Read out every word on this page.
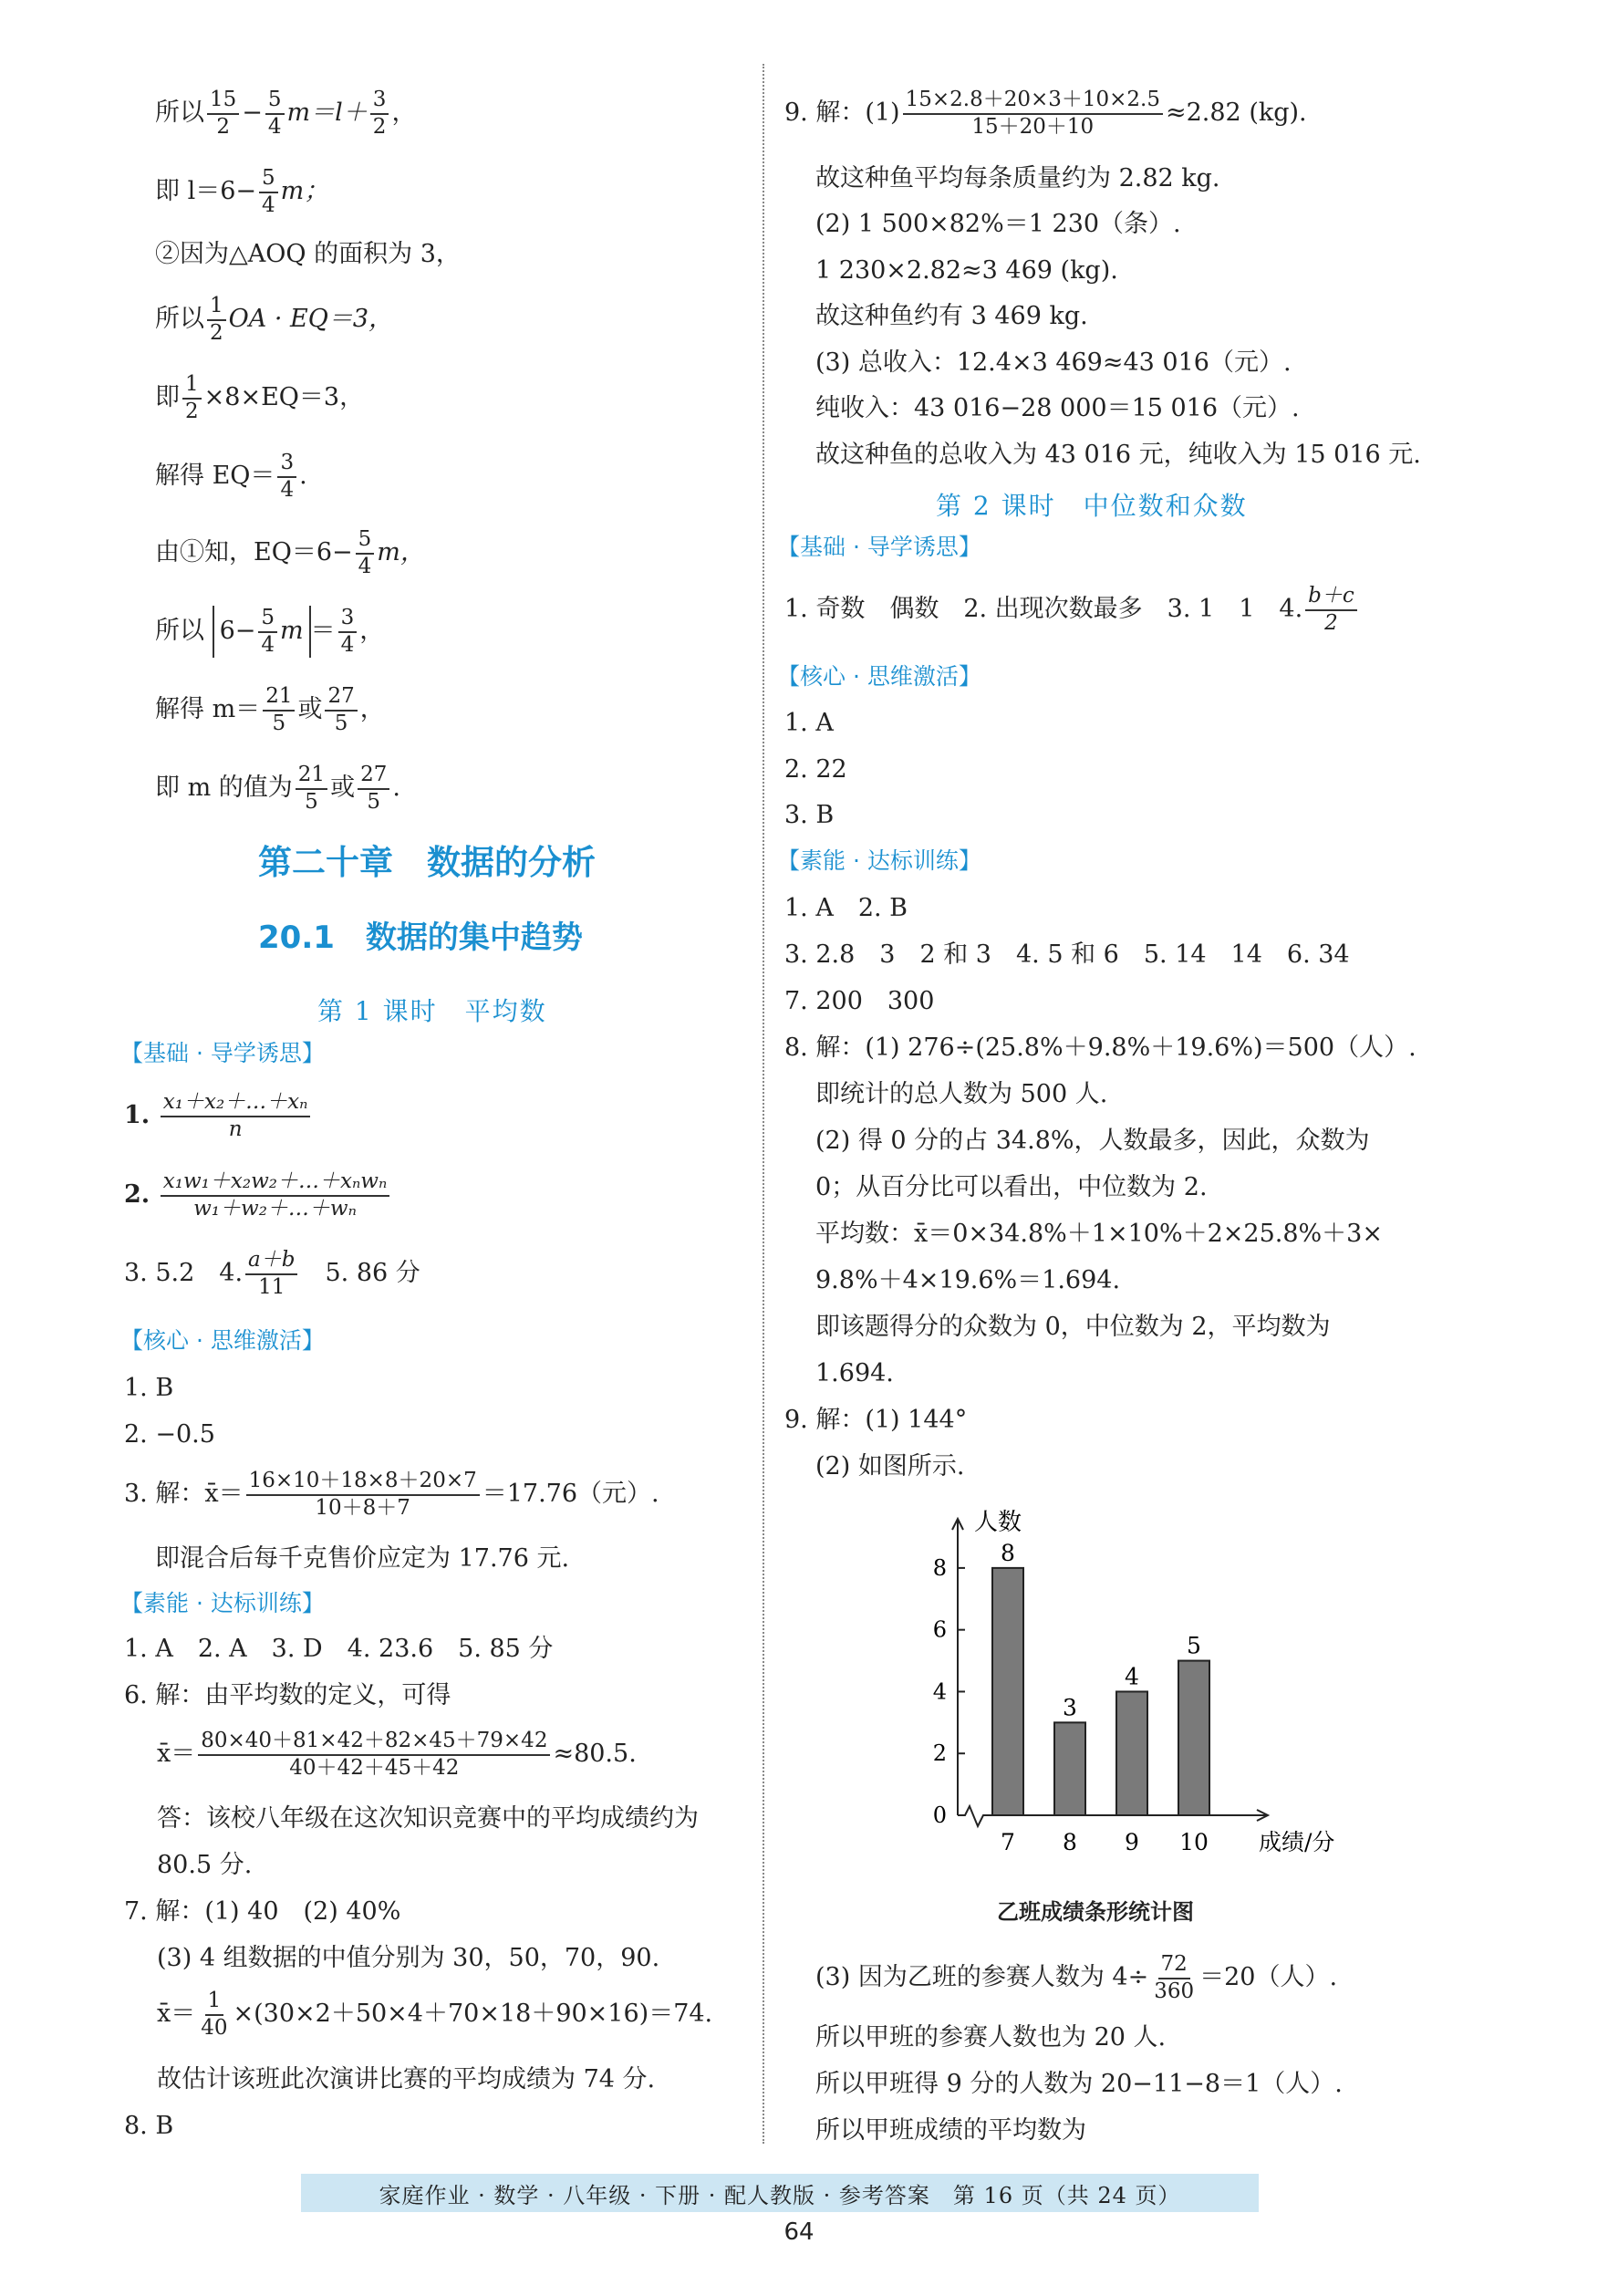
所以 $\frac{15}{2} - \frac{5}{4} m=l+ \frac{3}{2}$ ，
即 $l=6- \frac{5}{4}$ m；
②因为△AOQ 的面积为 3，
所以 $\frac{1}{2}$ OA · EQ＝3，
即 $\frac{1}{2} \times 8\times EQ=3$，
解得 $EQ= \frac{3}{4}$ .
由①知，$EQ=6- \frac{5}{4}$ m，
所以 $6- \frac{5}{4}$ $m = \frac{3}{4}$ ，
解得 $m= \frac{21}{5}$ 或 $\frac{27}{5}$ ，
即 m 的值为 $\frac{21}{5}$ 或 $\frac{27}{5}$ .
第二十章　数据的分析
20.1　数据的集中趋势
第 1 课时　平均数
【基础 · 导学诱思】
1. $\frac{\text{x₁＋x₂＋…＋xₙ}}{n}$
2. $\frac{\text{x₁w₁＋x₂w₂＋…＋xₙwₙ}}{\text{w₁＋w₂＋…＋wₙ}}$
3. 5.2　4. $\frac{a+b}{11}$ 　5. 86 分
【核心 · 思维激活】
1. B
2. −0.5
3. 解：x̄＝ $\frac{16\times 10+18\times 8+20\times 7}{10+8+7} =17.76$（元）.
即混合后每千克售价应定为 17.76 元.
【素能 · 达标训练】
1. A　2. A　3. D　4. 23.6　5. 85 分
6. 解：由平均数的定义，可得
x̄＝ $\frac{80\times 40+81\times 42+82\times 45+79\times 42}{40+42+45+42} \approx 80.5$.
答：该校八年级在这次知识竞赛中的平均成绩约为
80.5 分.
7. 解：(1) 40　(2) 40%
(3) 4 组数据的中值分别为 30，50，70，90.
x̄＝ $\frac{1}{40} \times(30\times 2+50\times 4+70\times 18+90\times 16)=74$.
故估计该班此次演讲比赛的平均成绩为 74 分.
8. B
9. 解：$(1) \frac{15\times 2.8+20\times 3+10\times 2.5}{15+20+10} \approx 2.82$ (kg).
故这种鱼平均每条质量约为 2.82 kg.
(2) 1 500×82%＝1 230（条）.
1 230×2.82≈3 469 (kg).
故这种鱼约有 3 469 kg.
(3) 总收入：12.4×3 469≈43 016（元）.
纯收入：43 016−28 000＝15 016（元）.
故这种鱼的总收入为 43 016 元，纯收入为 15 016 元.
第 2 课时　中位数和众数
【基础 · 导学诱思】
1. 奇数　偶数　2. 出现次数最多　3. 1　1　4. $\frac{b+c}{2}$
【核心 · 思维激活】
1. A
2. 22
3. B
【素能 · 达标训练】
1. A　2. B
3. 2.8　3　2 和 3　4. 5 和 6　5. 14　14　6. 34
7. 200　300
8. 解：(1) 276÷(25.8%＋9.8%＋19.6%)＝500（人）.
即统计的总人数为 500 人.
(2) 得 0 分的占 34.8%，人数最多，因此，众数为
0；从百分比可以看出，中位数为 2.
平均数：x̄＝0×34.8%＋1×10%＋2×25.8%＋3×
9.8%＋4×19.6%＝1.694.
即该题得分的众数为 0，中位数为 2，平均数为
1.694.
9. 解：(1) 144°
(2) 如图所示.
人数
成绩/分
0
2
4
6
8
8
7
3
8
4
9
5
10
乙班成绩条形统计图
(3) 因为乙班的参赛人数为 $4\div \frac{72}{360} =20$（人）.
所以甲班的参赛人数也为 20 人.
所以甲班得 9 分的人数为 20−11−8＝1（人）.
所以甲班成绩的平均数为
家庭作业 · 数学 · 八年级 · 下册 · 配人教版 · 参考答案　第 16 页（共 24 页）
64
